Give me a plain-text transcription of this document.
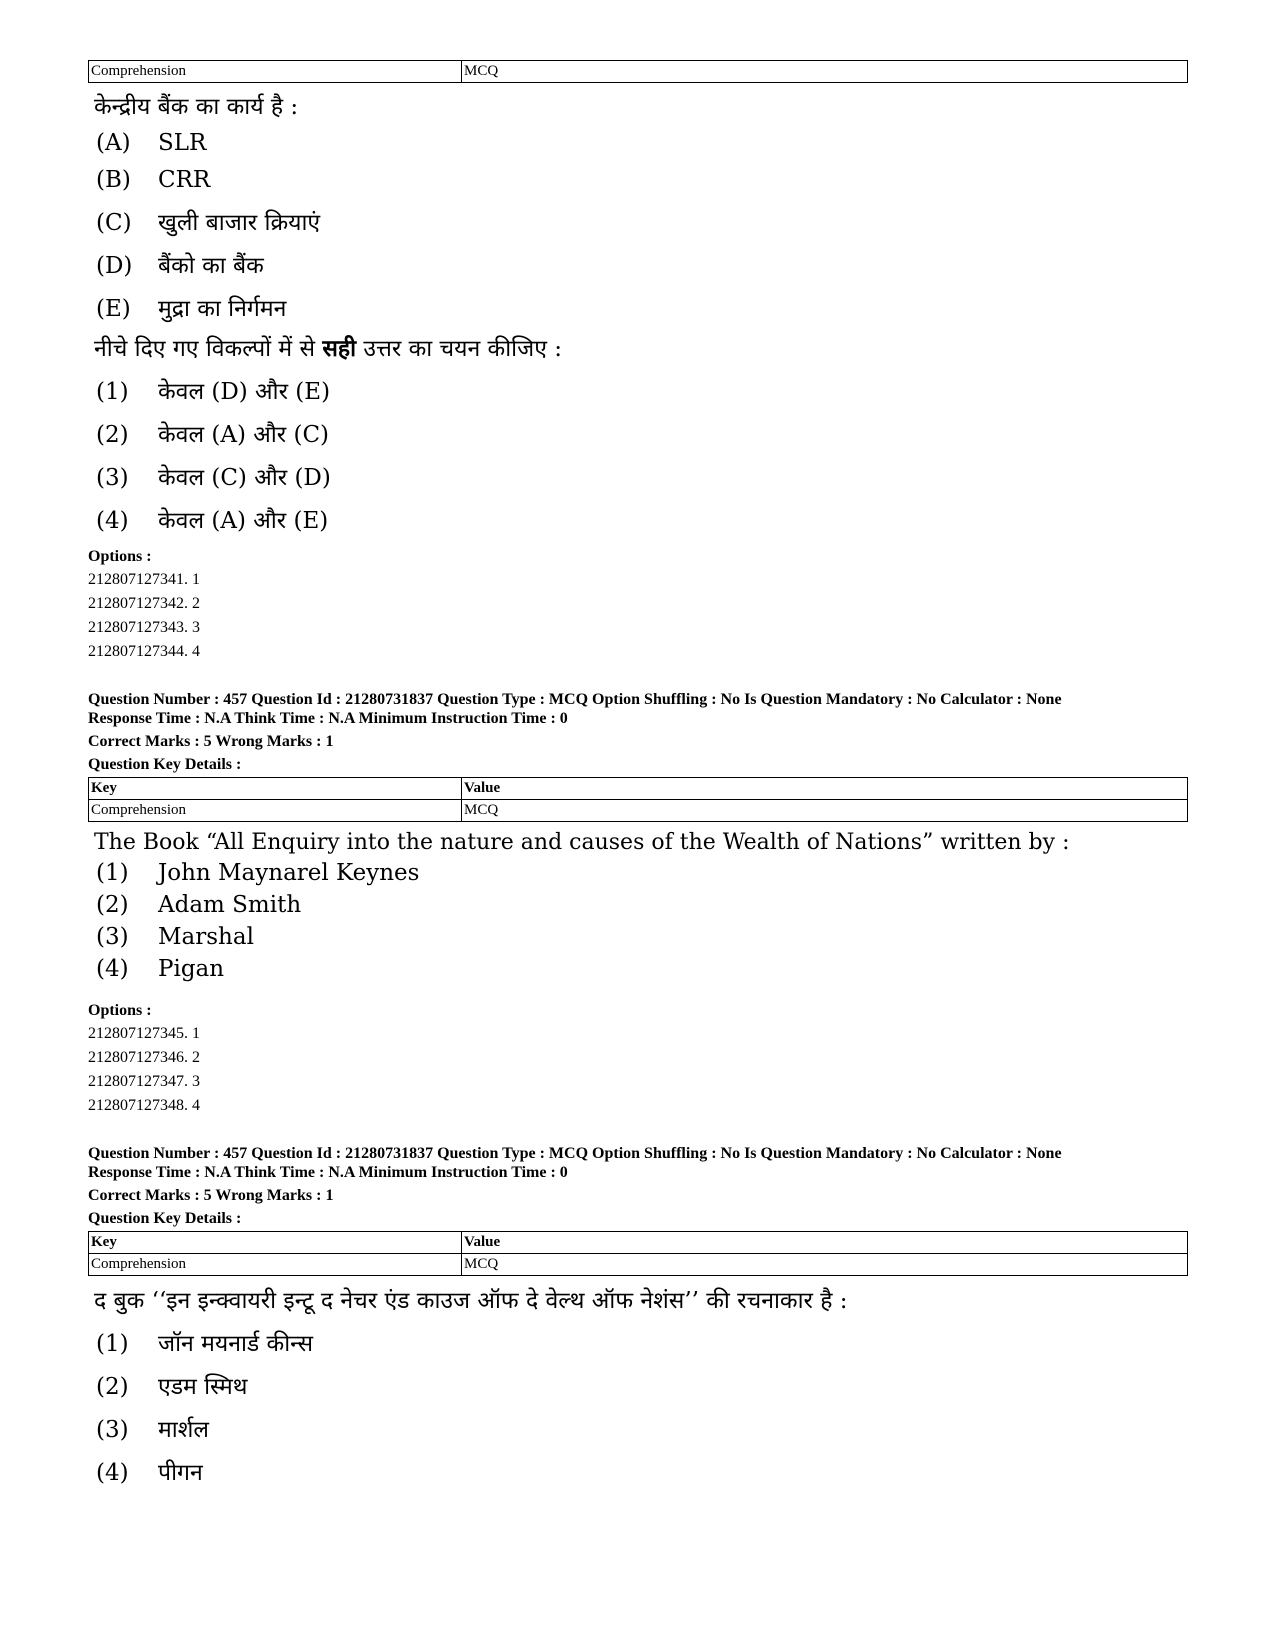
Comprehension	MCQ

केन्द्रीय बैंक का कार्य है :

(A)	SLR
(B)	CRR
(C)	खुली बाजार क्रियाएं
(D)	बैंको का बैंक
(E)	मुद्रा का निर्गमन

नीचे दिए गए विकल्पों में से सही उत्तर का चयन कीजिए :

(1)	केवल (D) और (E)
(2)	केवल (A) और (C)
(3)	केवल (C) और (D)
(4)	केवल (A) और (E)
Options :
212807127341. 1
212807127342. 2
212807127343. 3
212807127344. 4
Question Number : 457 Question Id : 21280731837 Question Type : MCQ Option Shuffling : No Is Question Mandatory : No Calculator : None
Response Time : N.A Think Time : N.A Minimum Instruction Time : 0
Correct Marks : 5 Wrong Marks : 1
Question Key Details :
Key	Value
Comprehension	MCQ

The Book “All Enquiry into the nature and causes of the Wealth of Nations” written by :

(1)	John Maynarel Keynes
(2)	Adam Smith
(3)	Marshal
(4)	Pigan
Options :
212807127345. 1
212807127346. 2
212807127347. 3
212807127348. 4
Question Number : 457 Question Id : 21280731837 Question Type : MCQ Option Shuffling : No Is Question Mandatory : No Calculator : None
Response Time : N.A Think Time : N.A Minimum Instruction Time : 0
Correct Marks : 5 Wrong Marks : 1
Question Key Details :
Key	Value
Comprehension	MCQ

द बुक ‘‘इन इन्क्वायरी इन्टू द नेचर एंड काउज ऑफ दे वेल्थ ऑफ नेशंस’’ की रचनाकार है :

(1)	जॉन मयनार्ड कीन्स
(2)	एडम स्मिथ
(3)	मार्शल
(4)	पीगन
